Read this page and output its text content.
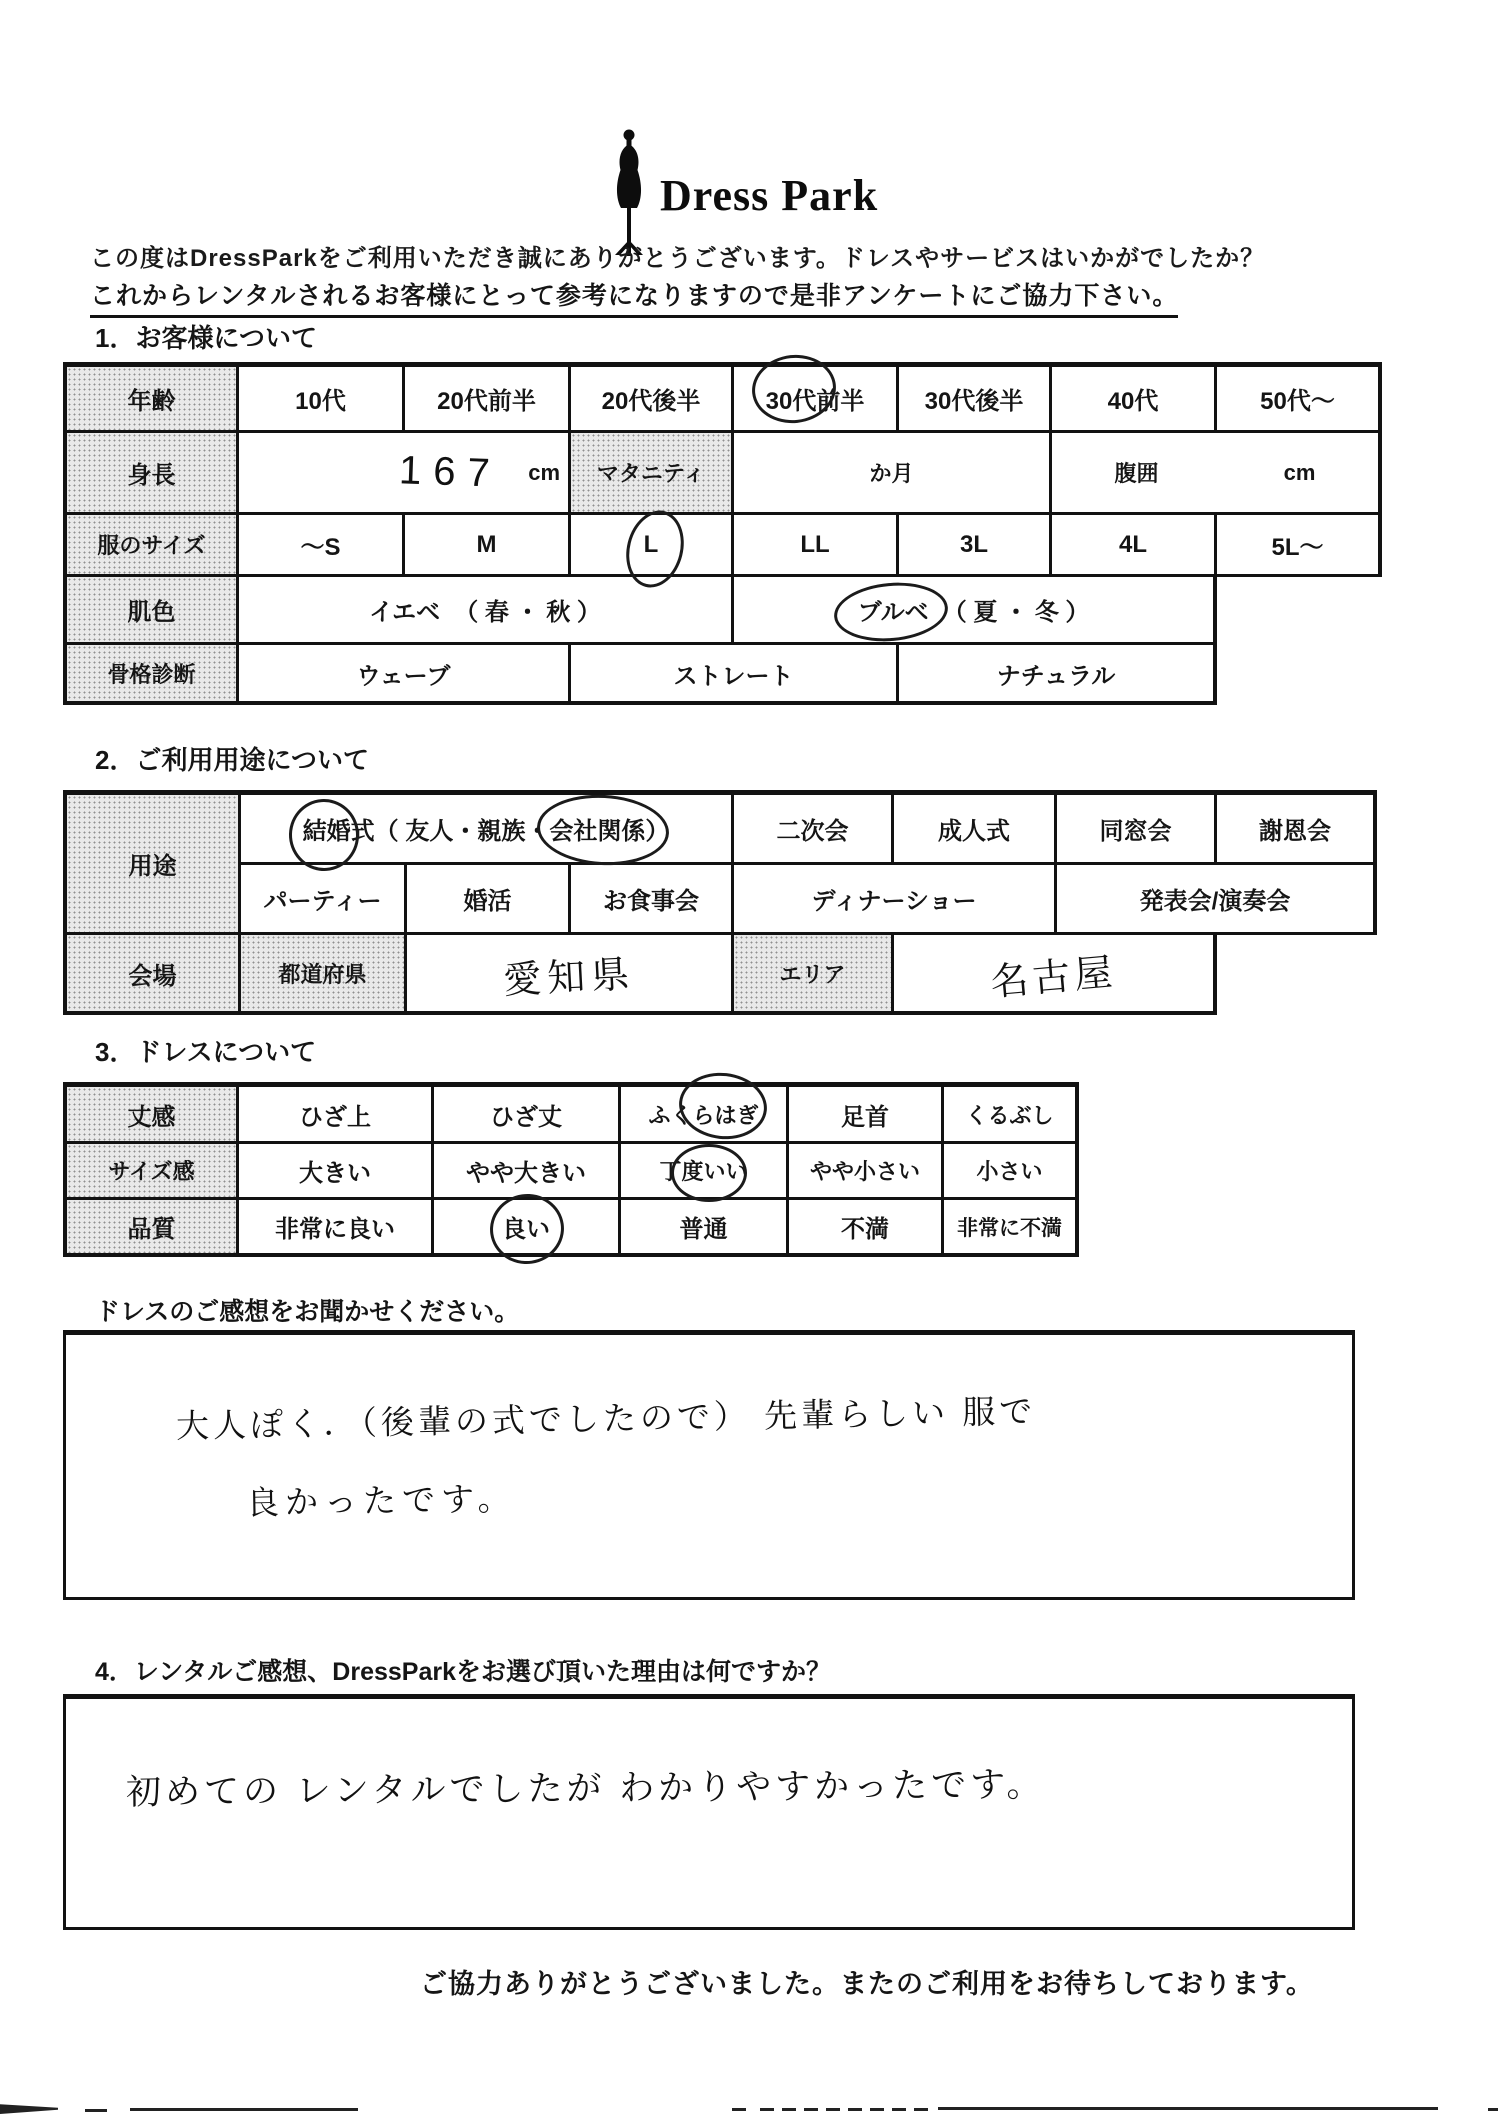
Dress Park
この度はDressParkをご利用いただき誠にありがとうございます。ドレスやサービスはいかがでしたか？
これからレンタルされるお客様にとって参考になりますので是非アンケートにご協力下さい。
1．お客様について
年齢	10代	20代前半	20代後半	30代前半	30代後半	40代	50代～
身長	167 cm	マタニティ	か月	腹囲	cm
服のサイズ	～S	M	L	LL	3L	4L	5L～
肌色	イエベ （ 春 ・ 秋 ）	ブルベ （ 夏 ・ 冬 ）
骨格診断	ウェーブ	ストレート	ナチュラル
2．ご利用用途について
用途
結婚式 （ 友人・親族・ 会社関係 ）	二次会	成人式	同窓会	謝恩会
パーティー	婚活	お食事会	ディナーショー	発表会/演奏会
会場	都道府県	愛知県	エリア	名古屋
3．ドレスについて
丈感	ひざ上	ひざ丈	ふくらはぎ	足首	くるぶし
サイズ感	大きい	やや大きい	丁度いい	やや小さい	小さい
品質	非常に良い	良い	普通	不満	非常に不満
ドレスのご感想をお聞かせください。
大人ぽく．（後輩の式でしたので） 先輩らしい 服で
良かったです。
4．レンタルご感想、DressParkをお選び頂いた理由は何ですか？
初めての レンタルでしたが わかりやすかったです。
ご協力ありがとうございました。またのご利用をお待ちしております。
